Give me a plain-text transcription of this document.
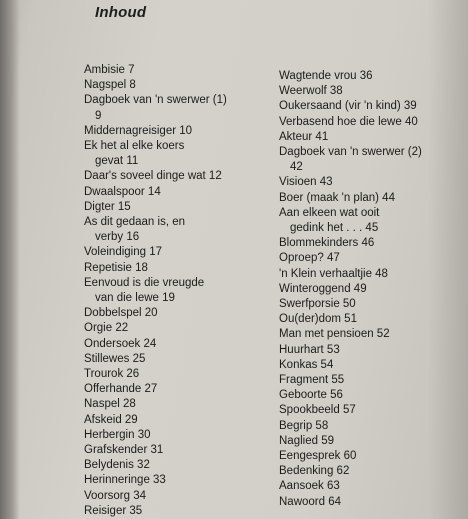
Inhoud
Ambisie 7
Nagspel 8
Dagboek van 'n swerwer (1)
9
Middernagreisiger 10
Ek het al elke koers
gevat 11
Daar's soveel dinge wat 12
Dwaalspoor 14
Digter 15
As dit gedaan is, en
verby 16
Voleindiging 17
Repetisie 18
Eenvoud is die vreugde
van die lewe 19
Dobbelspel 20
Orgie 22
Ondersoek 24
Stillewes 25
Trourok 26
Offerhande 27
Naspel 28
Afskeid 29
Herbergin 30
Grafskender 31
Belydenis 32
Herinneringe 33
Voorsorg 34
Reisiger 35
Wagtende vrou 36
Weerwolf 38
Oukersaand (vir 'n kind) 39
Verbasend hoe die lewe 40
Akteur 41
Dagboek van 'n swerwer (2)
42
Visioen 43
Boer (maak 'n plan) 44
Aan elkeen wat ooit
gedink het . . . 45
Blommekinders 46
Oproep? 47
'n Klein verhaaltjie 48
Winteroggend 49
Swerfporsie 50
Ou(der)dom 51
Man met pensioen 52
Huurhart 53
Konkas 54
Fragment 55
Geboorte 56
Spookbeeld 57
Begrip 58
Naglied 59
Eengesprek 60
Bedenking 62
Aansoek 63
Nawoord 64
